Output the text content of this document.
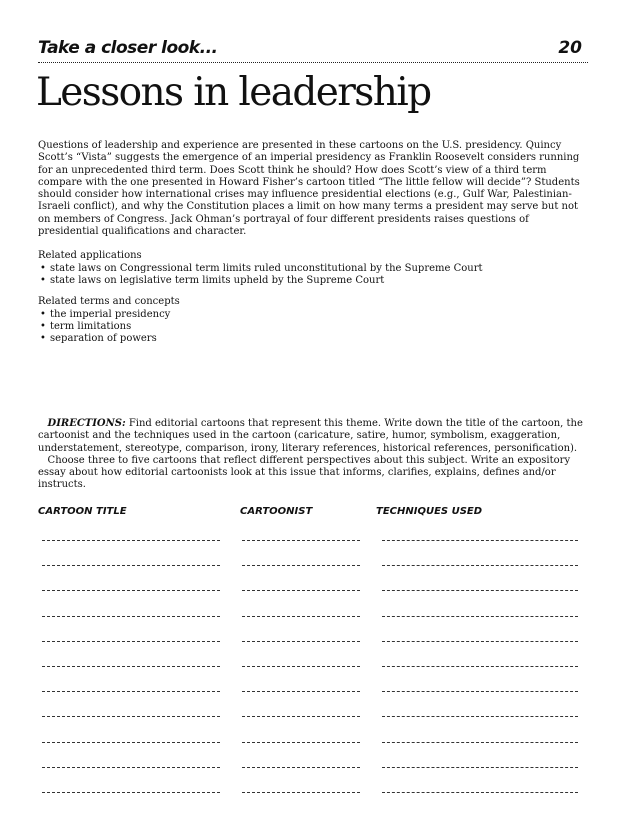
Take a closer look...	20
Lessons in leadership

Questions of leadership and experience are presented in these cartoons on the U.S. presidency. Quincy Scott’s “Vista” suggests the emergence of an imperial presidency as Franklin Roosevelt considers running for an unprecedented third term. Does Scott think he should? How does Scott’s view of a third term compare with the one presented in Howard Fisher’s cartoon titled “The little fellow will decide”? Students should consider how international crises may influence presidential elections (e.g., Gulf War, Palestinian-Israeli conflict), and why the Constitution places a limit on how many terms a president may serve but not on members of Congress. Jack Ohman’s portrayal of four different presidents raises questions of presidential qualifications and character.

Related applications

• state laws on Congressional term limits ruled unconstitutional by the Supreme Court
• state laws on legislative term limits upheld by the Supreme Court

Related terms and concepts

• the imperial presidency
• term limitations
• separation of powers

DIRECTIONS: Find editorial cartoons that represent this theme. Write down the title of the cartoon, the cartoonist and the techniques used in the cartoon (caricature, satire, humor, symbolism, exaggeration, understatement, stereotype, comparison, irony, literary references, historical references, personification).

Choose three to five cartoons that reflect different perspectives about this subject. Write an expository essay about how editorial cartoonists look at this issue that informs, clarifies, explains, defines and/or instructs.

CARTOON TITLE	CARTOONIST	TECHNIQUES USED
